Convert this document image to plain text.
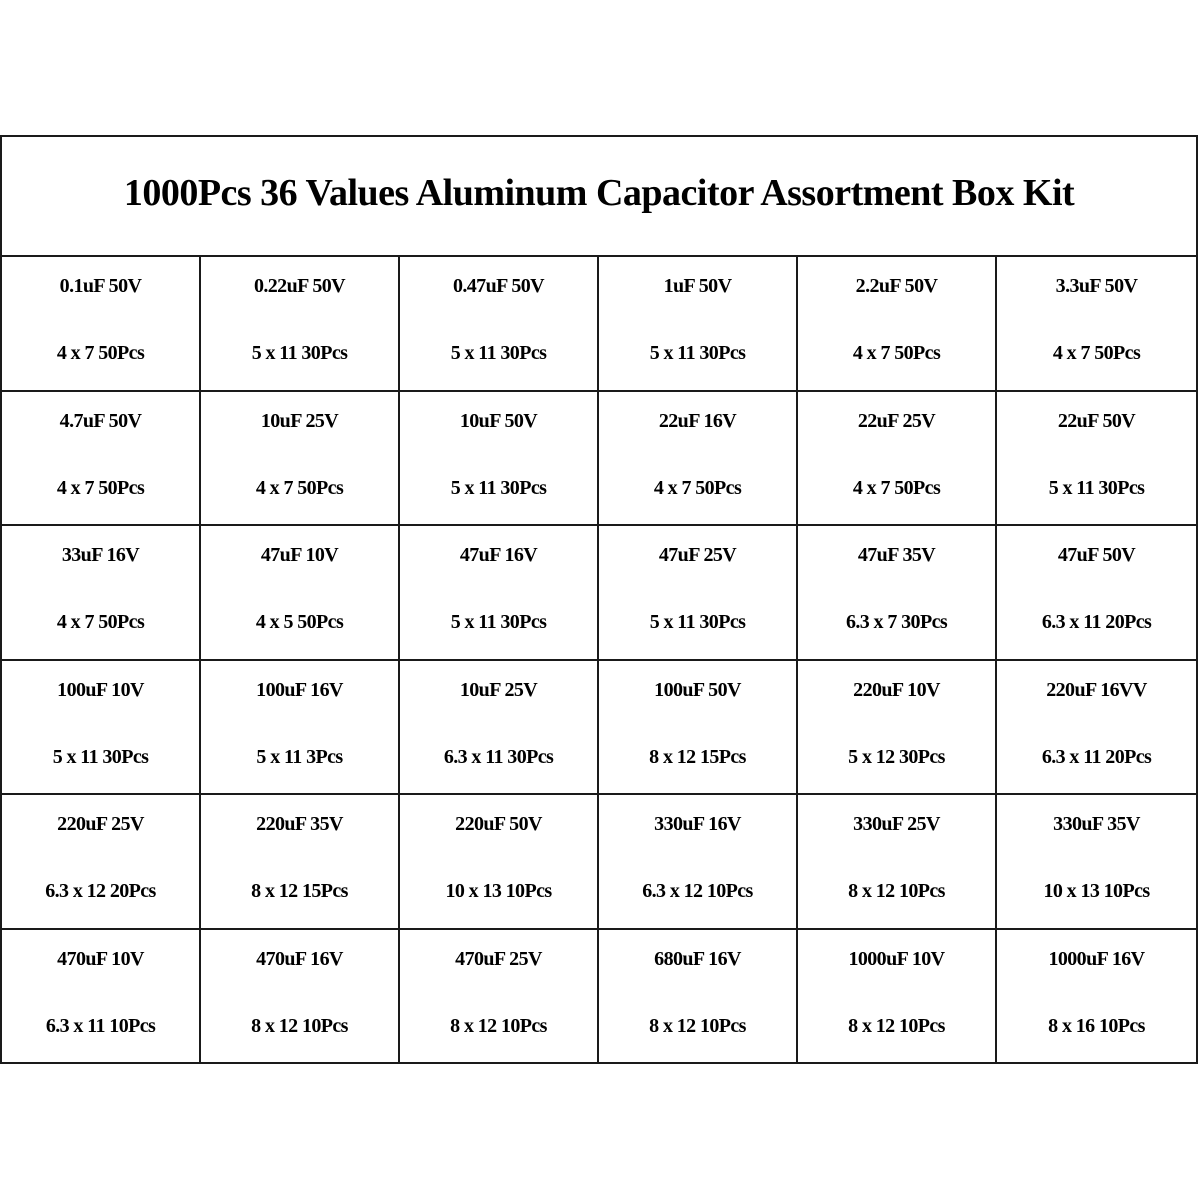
1000Pcs 36 Values Aluminum Capacitor Assortment Box Kit
0.1uF 50V
4 x 7 50Pcs
0.22uF 50V
5 x 11 30Pcs
0.47uF 50V
5 x 11 30Pcs
1uF 50V
5 x 11 30Pcs
2.2uF 50V
4 x 7 50Pcs
3.3uF 50V
4 x 7 50Pcs
4.7uF 50V
4 x 7 50Pcs
10uF 25V
4 x 7 50Pcs
10uF 50V
5 x 11 30Pcs
22uF 16V
4 x 7 50Pcs
22uF 25V
4 x 7 50Pcs
22uF 50V
5 x 11 30Pcs
33uF 16V
4 x 7 50Pcs
47uF 10V
4 x 5 50Pcs
47uF 16V
5 x 11 30Pcs
47uF 25V
5 x 11 30Pcs
47uF 35V
6.3 x 7 30Pcs
47uF 50V
6.3 x 11 20Pcs
100uF 10V
5 x 11 30Pcs
100uF 16V
5 x 11 3Pcs
10uF 25V
6.3 x 11 30Pcs
100uF 50V
8 x 12 15Pcs
220uF 10V
5 x 12 30Pcs
220uF 16VV
6.3 x 11 20Pcs
220uF 25V
6.3 x 12 20Pcs
220uF 35V
8 x 12 15Pcs
220uF 50V
10 x 13 10Pcs
330uF 16V
6.3 x 12 10Pcs
330uF 25V
8 x 12 10Pcs
330uF 35V
10 x 13 10Pcs
470uF 10V
6.3 x 11 10Pcs
470uF 16V
8 x 12 10Pcs
470uF 25V
8 x 12 10Pcs
680uF 16V
8 x 12 10Pcs
1000uF 10V
8 x 12 10Pcs
1000uF 16V
8 x 16 10Pcs
